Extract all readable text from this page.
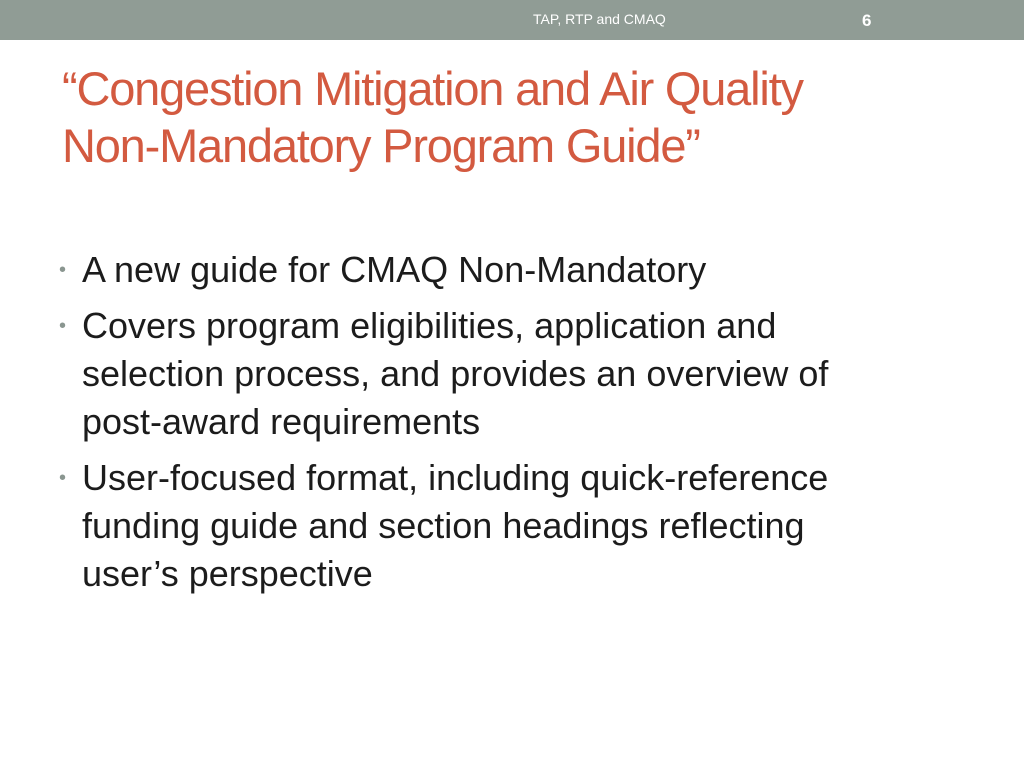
TAP, RTP and CMAQ	6
“Congestion Mitigation and Air Quality
Non-Mandatory Program Guide”
• A new guide for CMAQ Non-Mandatory
• Covers program eligibilities, application and
selection process, and provides an overview of
post-award requirements
• User-focused format, including quick-reference
funding guide and section headings reflecting
user’s perspective
